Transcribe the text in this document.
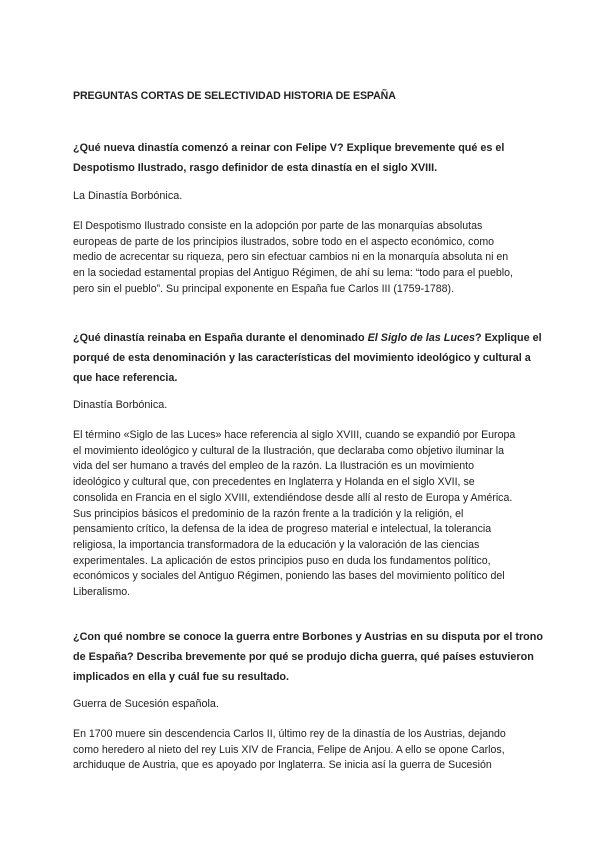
PREGUNTAS CORTAS DE SELECTIVIDAD HISTORIA DE ESPAÑA

¿Qué nueva dinastía comenzó a reinar con Felipe V? Explique brevemente qué es el
Despotismo Ilustrado, rasgo definidor de esta dinastía en el siglo XVIII.

La Dinastía Borbónica.

El Despotismo Ilustrado consiste en la adopción por parte de las monarquías absolutas
europeas de parte de los principios ilustrados, sobre todo en el aspecto económico, como
medio de acrecentar su riqueza, pero sin efectuar cambios ni en la monarquía absoluta ni en
en la sociedad estamental propias del Antiguo Régimen, de ahí su lema: “todo para el pueblo,
pero sin el pueblo”. Su principal exponente en España fue Carlos III (1759-1788).

¿Qué dinastía reinaba en España durante el denominado El Siglo de las Luces? Explique el
porqué de esta denominación y las características del movimiento ideológico y cultural a
que hace referencia.

Dinastía Borbónica.

El término «Siglo de las Luces» hace referencia al siglo XVIII, cuando se expandió por Europa
el movimiento ideológico y cultural de la Ilustración, que declaraba como objetivo iluminar la
vida del ser humano a través del empleo de la razón. La Ilustración es un movimiento
ideológico y cultural que, con precedentes en Inglaterra y Holanda en el siglo XVII, se
consolida en Francia en el siglo XVIII, extendiéndose desde allí al resto de Europa y América.
Sus principios básicos el predominio de la razón frente a la tradición y la religión, el
pensamiento crítico, la defensa de la idea de progreso material e intelectual, la tolerancia
religiosa, la importancia transformadora de la educación y la valoración de las ciencias
experimentales. La aplicación de estos principios puso en duda los fundamentos político,
económicos y sociales del Antiguo Régimen, poniendo las bases del movimiento político del
Liberalismo.

¿Con qué nombre se conoce la guerra entre Borbones y Austrias en su disputa por el trono
de España? Describa brevemente por qué se produjo dicha guerra, qué países estuvieron
implicados en ella y cuál fue su resultado.

Guerra de Sucesión española.

En 1700 muere sin descendencia Carlos II, último rey de la dinastía de los Austrias, dejando
como heredero al nieto del rey Luis XIV de Francia, Felipe de Anjou. A ello se opone Carlos,
archiduque de Austria, que es apoyado por Inglaterra. Se inicia así la guerra de Sucesión
